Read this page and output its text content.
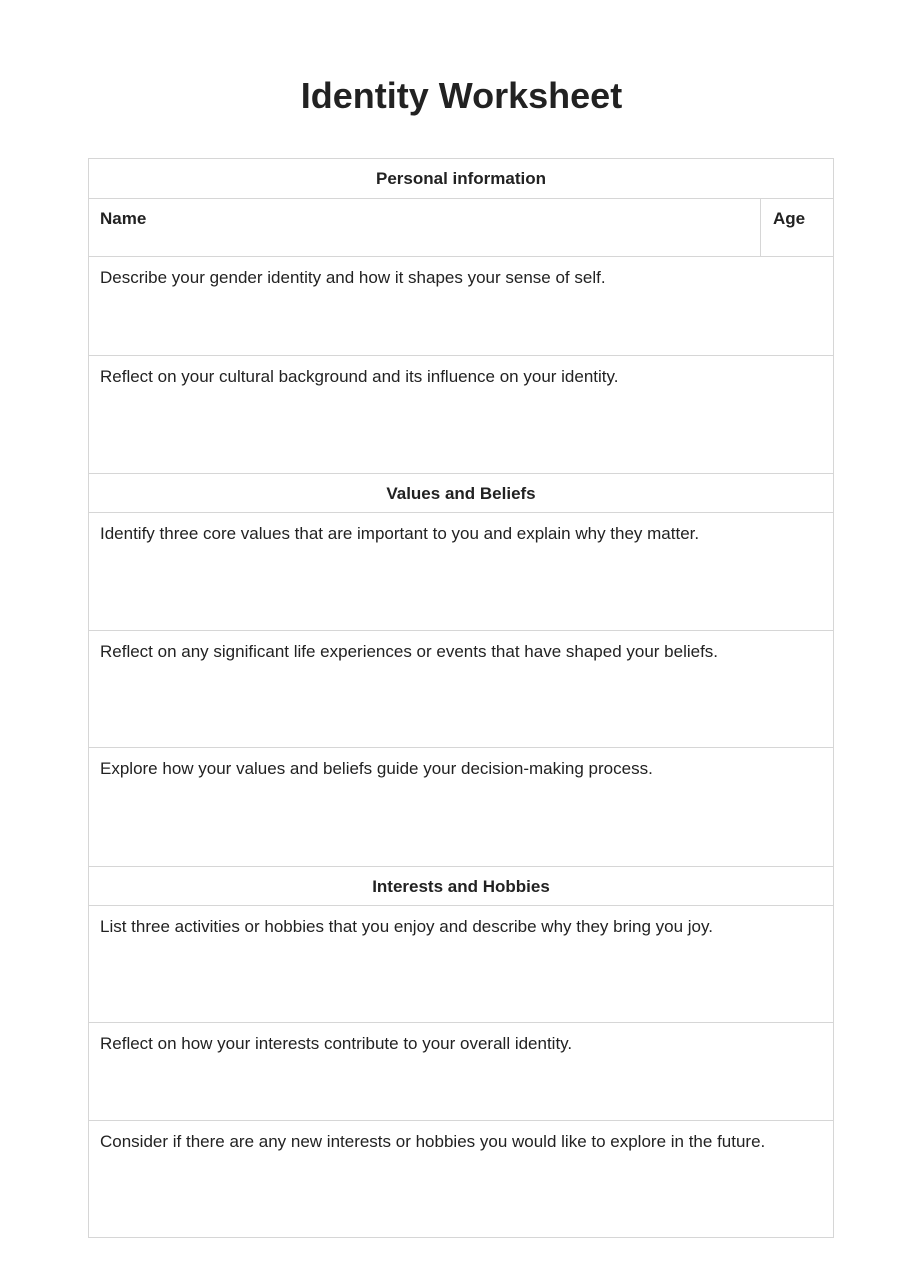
Identity Worksheet
Personal information
Name	Age
Describe your gender identity and how it shapes your sense of self.
Reflect on your cultural background and its influence on your identity.
Values and Beliefs
Identify three core values that are important to you and explain why they matter.
Reflect on any significant life experiences or events that have shaped your beliefs.
Explore how your values and beliefs guide your decision-making process.
Interests and Hobbies
List three activities or hobbies that you enjoy and describe why they bring you joy.
Reflect on how your interests contribute to your overall identity.
Consider if there are any new interests or hobbies you would like to explore in the future.
